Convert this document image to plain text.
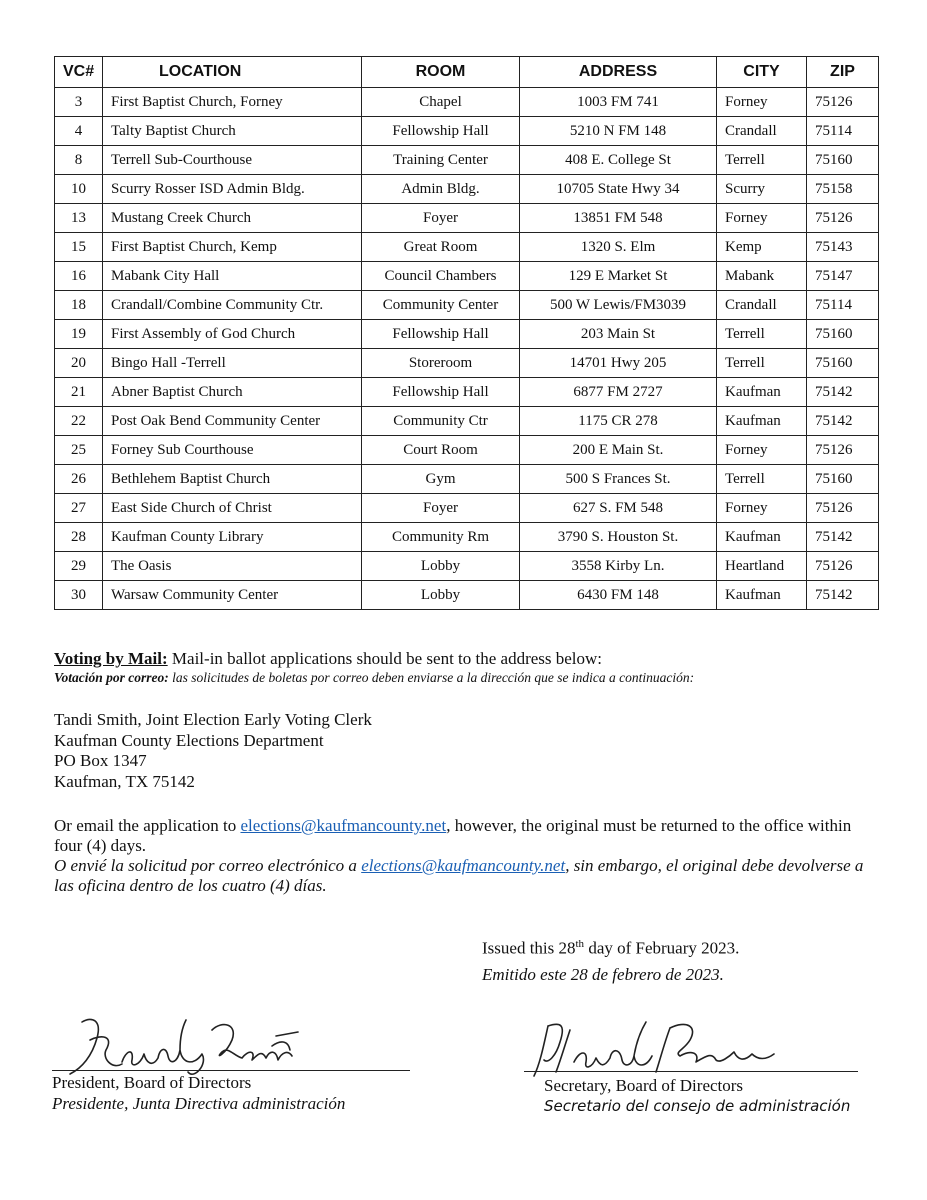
VC#	LOCATION	ROOM	ADDRESS	CITY	ZIP
3	First Baptist Church, Forney	Chapel	1003 FM 741	Forney	75126
4	Talty Baptist Church	Fellowship Hall	5210 N FM 148	Crandall	75114
8	Terrell Sub-Courthouse	Training Center	408 E. College St	Terrell	75160
10	Scurry Rosser ISD Admin Bldg.	Admin Bldg.	10705 State Hwy 34	Scurry	75158
13	Mustang Creek Church	Foyer	13851 FM 548	Forney	75126
15	First Baptist Church, Kemp	Great Room	1320 S. Elm	Kemp	75143
16	Mabank City Hall	Council Chambers	129 E Market St	Mabank	75147
18	Crandall/Combine Community Ctr.	Community Center	500 W Lewis/FM3039	Crandall	75114
19	First Assembly of God Church	Fellowship Hall	203 Main St	Terrell	75160
20	Bingo Hall -Terrell	Storeroom	14701 Hwy 205	Terrell	75160
21	Abner Baptist Church	Fellowship Hall	6877 FM 2727	Kaufman	75142
22	Post Oak Bend Community Center	Community Ctr	1175 CR 278	Kaufman	75142
25	Forney Sub Courthouse	Court Room	200 E Main St.	Forney	75126
26	Bethlehem Baptist Church	Gym	500 S Frances St.	Terrell	75160
27	East Side Church of Christ	Foyer	627 S. FM 548	Forney	75126
28	Kaufman County Library	Community Rm	3790 S. Houston St.	Kaufman	75142
29	The Oasis	Lobby	3558 Kirby Ln.	Heartland	75126
30	Warsaw Community Center	Lobby	6430 FM 148	Kaufman	75142
Voting by Mail: Mail-in ballot applications should be sent to the address below:
Votación por correo: las solicitudes de boletas por correo deben enviarse a la dirección que se indica a continuación:
Tandi Smith, Joint Election Early Voting Clerk
Kaufman County Elections Department
PO Box 1347
Kaufman, TX 75142
Or email the application to elections@kaufmancounty.net, however, the original must be returned to the office within four (4) days.
O envié la solicitud por correo electrónico a elections@kaufmancounty.net, sin embargo, el original debe devolverse a las oficina dentro de los cuatro (4) días.
Issued this 28th day of February 2023.
Emitido este 28 de febrero de 2023.
President, Board of Directors
Presidente, Junta Directiva administración
Secretary, Board of Directors
Secretario del consejo de administración
